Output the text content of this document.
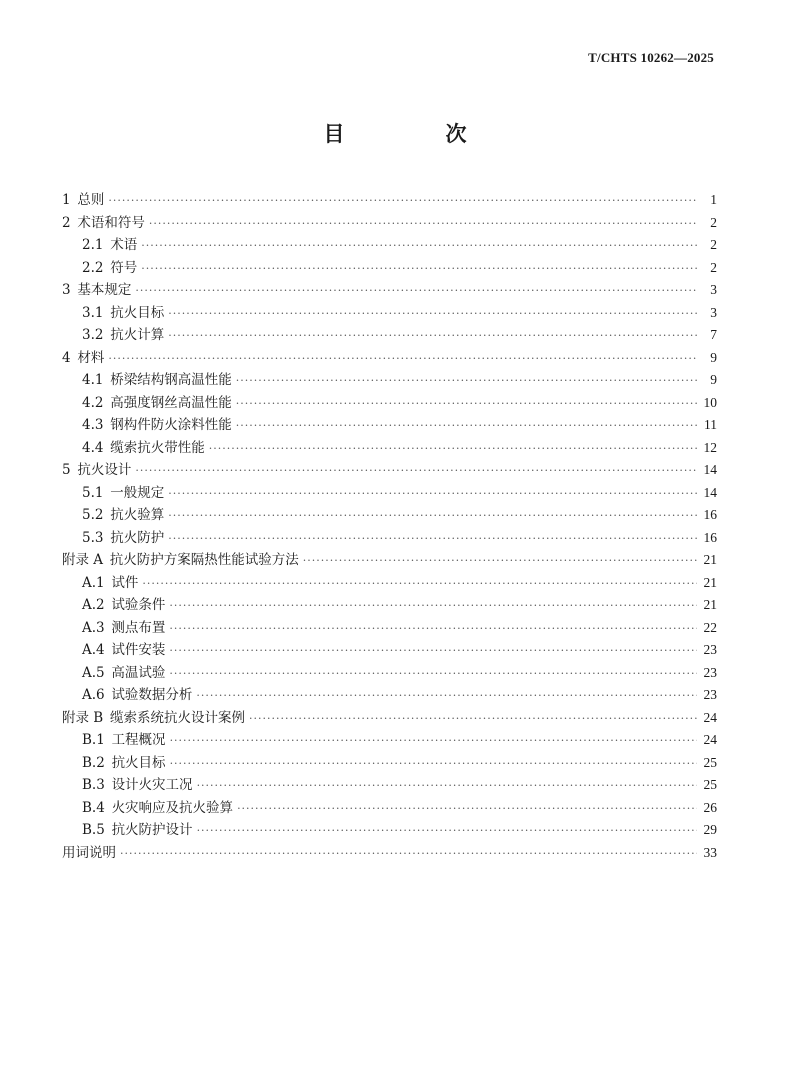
T/CHTS 10262—2025
目　次
1  总则 ·····	1
2  术语和符号 ·····	2
2.1  术语 ·····	2
2.2  符号 ·····	2
3  基本规定 ·····	3
3.1  抗火目标 ·····	3
3.2  抗火计算 ·····	7
4  材料 ·····	9
4.1  桥梁结构钢高温性能 ·····	9
4.2  高强度钢丝高温性能 ·····	10
4.3  钢构件防火涂料性能 ·····	11
4.4  缆索抗火带性能 ·····	12
5  抗火设计 ·····	14
5.1  一般规定 ·····	14
5.2  抗火验算 ·····	16
5.3  抗火防护 ·····	16
附录 A  抗火防护方案隔热性能试验方法 ·····	21
A.1  试件 ·····	21
A.2  试验条件 ·····	21
A.3  测点布置 ·····	22
A.4  试件安装 ·····	23
A.5  高温试验 ·····	23
A.6  试验数据分析 ·····	23
附录 B  缆索系统抗火设计案例 ·····	24
B.1  工程概况 ·····	24
B.2  抗火目标 ·····	25
B.3  设计火灾工况 ·····	25
B.4  火灾响应及抗火验算 ·····	26
B.5  抗火防护设计 ·····	29
用词说明 ·····	33
